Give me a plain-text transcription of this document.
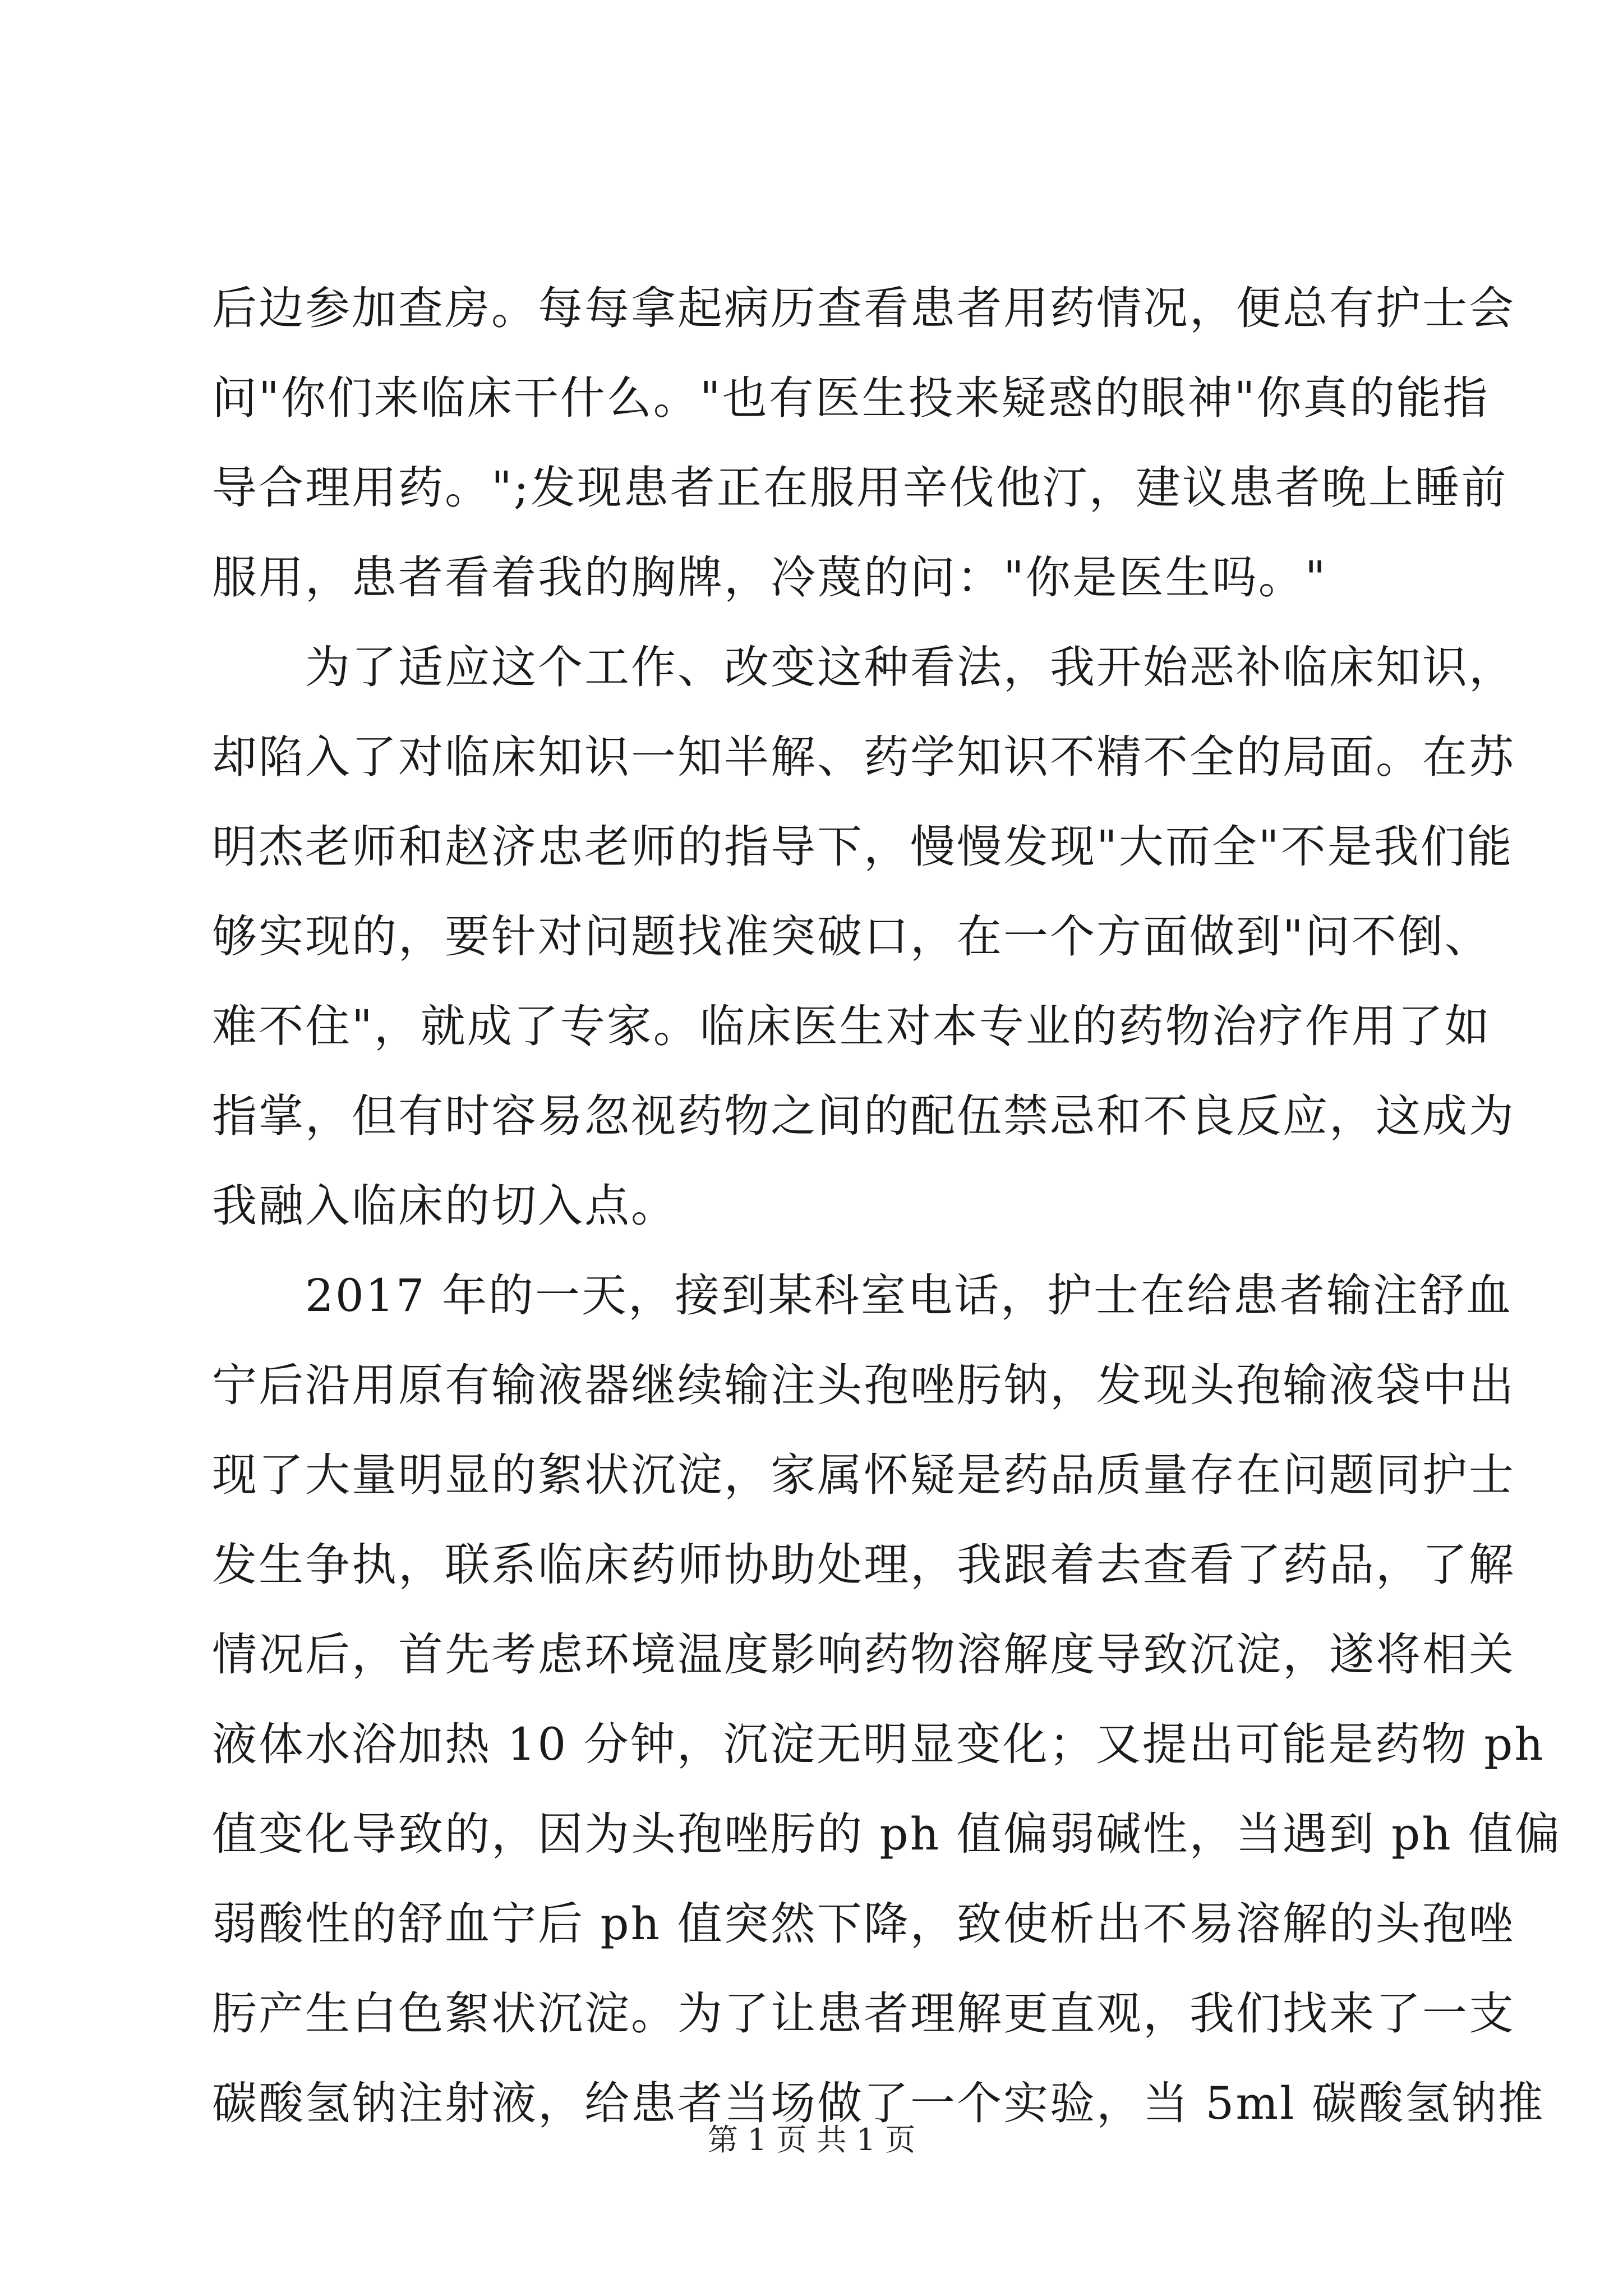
后边参加查房。每每拿起病历查看患者用药情况，便总有护士会
问"你们来临床干什么。"也有医生投来疑惑的眼神"你真的能指
导合理用药。";发现患者正在服用辛伐他汀，建议患者晚上睡前
服用，患者看着我的胸牌，冷蔑的问："你是医生吗。"

　　为了适应这个工作、改变这种看法，我开始恶补临床知识，
却陷入了对临床知识一知半解、药学知识不精不全的局面。在苏
明杰老师和赵济忠老师的指导下，慢慢发现"大而全"不是我们能
够实现的，要针对问题找准突破口，在一个方面做到"问不倒、
难不住"，就成了专家。临床医生对本专业的药物治疗作用了如
指掌，但有时容易忽视药物之间的配伍禁忌和不良反应，这成为
我融入临床的切入点。

　　2017 年的一天，接到某科室电话，护士在给患者输注舒血
宁后沿用原有输液器继续输注头孢唑肟钠，发现头孢输液袋中出
现了大量明显的絮状沉淀，家属怀疑是药品质量存在问题同护士
发生争执，联系临床药师协助处理，我跟着去查看了药品，了解
情况后，首先考虑环境温度影响药物溶解度导致沉淀，遂将相关
液体水浴加热 10 分钟，沉淀无明显变化；又提出可能是药物 ph
值变化导致的，因为头孢唑肟的 ph 值偏弱碱性，当遇到 ph 值偏
弱酸性的舒血宁后 ph 值突然下降，致使析出不易溶解的头孢唑
肟产生白色絮状沉淀。为了让患者理解更直观，我们找来了一支
碳酸氢钠注射液，给患者当场做了一个实验，当 5ml 碳酸氢钠推

第 1 页 共 1 页
